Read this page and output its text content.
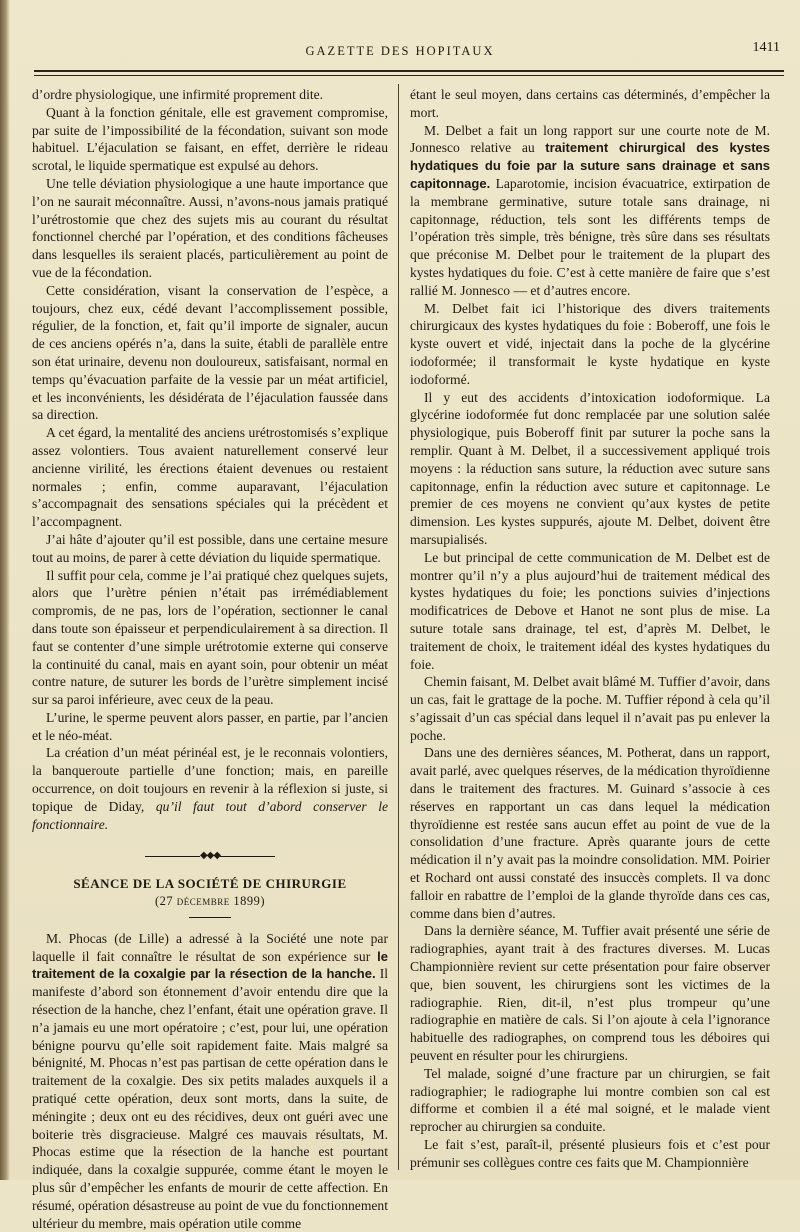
GAZETTE DES HOPITAUX	1411

d’ordre physiologique, une infirmité proprement dite.

Quant à la fonction génitale, elle est gravement compromise, par suite de l’impossibilité de la fécondation, suivant son mode habituel. L’éjaculation se faisant, en effet, derrière le rideau scrotal, le liquide spermatique est expulsé au dehors.

Une telle déviation physiologique a une haute importance que l’on ne saurait méconnaître. Aussi, n’avons-nous jamais pratiqué l’urétrostomie que chez des sujets mis au courant du résultat fonctionnel cherché par l’opération, et des conditions fâcheuses dans lesquelles ils seraient placés, particulièrement au point de vue de la fécondation.

Cette considération, visant la conservation de l’espèce, a toujours, chez eux, cédé devant l’accomplissement possible, régulier, de la fonction, et, fait qu’il importe de signaler, aucun de ces anciens opérés n’a, dans la suite, établi de parallèle entre son état urinaire, devenu non douloureux, satisfaisant, normal en temps qu’évacuation parfaite de la vessie par un méat artificiel, et les inconvénients, les désidérata de l’éjaculation faussée dans sa direction.

A cet égard, la mentalité des anciens urétrostomisés s’explique assez volontiers. Tous avaient naturellement conservé leur ancienne virilité, les érections étaient devenues ou restaient normales ; enfin, comme auparavant, l’éjaculation s’accompagnait des sensations spéciales qui la précèdent et l’accompagnent.

J’ai hâte d’ajouter qu’il est possible, dans une certaine mesure tout au moins, de parer à cette déviation du liquide spermatique.

Il suffit pour cela, comme je l’ai pratiqué chez quelques sujets, alors que l’urètre pénien n’était pas irrémédiablement compromis, de ne pas, lors de l’opération, sectionner le canal dans toute son épaisseur et perpendiculairement à sa direction. Il faut se contenter d’une simple urétrotomie externe qui conserve la continuité du canal, mais en ayant soin, pour obtenir un méat contre nature, de suturer les bords de l’urètre simplement incisé sur sa paroi inférieure, avec ceux de la peau.

L’urine, le sperme peuvent alors passer, en partie, par l’ancien et le néo-méat.

La création d’un méat périnéal est, je le reconnais volontiers, la banqueroute partielle d’une fonction; mais, en pareille occurrence, on doit toujours en revenir à la réflexion si juste, si topique de Diday, qu’il faut tout d’abord conserver le fonctionnaire.

◆◆◆
SÉANCE DE LA SOCIÉTÉ DE CHIRURGIE
(27 décembre 1899)

M. Phocas (de Lille) a adressé à la Société une note par laquelle il fait connaître le résultat de son expérience sur le traitement de la coxalgie par la résection de la hanche. Il manifeste d’abord son étonnement d’avoir entendu dire que la résection de la hanche, chez l’enfant, était une opération grave. Il n’a jamais eu une mort opératoire ; c’est, pour lui, une opération bénigne pourvu qu’elle soit rapidement faite. Mais malgré sa bénignité, M. Phocas n’est pas partisan de cette opération dans le traitement de la coxalgie. Des six petits malades auxquels il a pratiqué cette opération, deux sont morts, dans la suite, de méningite ; deux ont eu des récidives, deux ont guéri avec une boiterie très disgracieuse. Malgré ces mauvais résultats, M. Phocas estime que la résection de la hanche est pourtant indiquée, dans la coxalgie suppurée, comme étant le moyen le plus sûr d’empêcher les enfants de mourir de cette affection. En résumé, opération désastreuse au point de vue du fonctionnement ultérieur du membre, mais opération utile comme

étant le seul moyen, dans certains cas déterminés, d’empêcher la mort.

M. Delbet a fait un long rapport sur une courte note de M. Jonnesco relative au traitement chirurgical des kystes hydatiques du foie par la suture sans drainage et sans capitonnage. Laparotomie, incision évacuatrice, extirpation de la membrane germinative, suture totale sans drainage, ni capitonnage, réduction, tels sont les différents temps de l’opération très simple, très bénigne, très sûre dans ses résultats que préconise M. Delbet pour le traitement de la plupart des kystes hydatiques du foie. C’est à cette manière de faire que s’est rallié M. Jonnesco — et d’autres encore.

M. Delbet fait ici l’historique des divers traitements chirurgicaux des kystes hydatiques du foie : Boberoff, une fois le kyste ouvert et vidé, injectait dans la poche de la glycérine iodoformée; il transformait le kyste hydatique en kyste iodoformé.

Il y eut des accidents d’intoxication iodoformique. La glycérine iodoformée fut donc remplacée par une solution salée physiologique, puis Boberoff finit par suturer la poche sans la remplir. Quant à M. Delbet, il a successivement appliqué trois moyens : la réduction sans suture, la réduction avec suture sans capitonnage, enfin la réduction avec suture et capitonnage. Le premier de ces moyens ne convient qu’aux kystes de petite dimension. Les kystes suppurés, ajoute M. Delbet, doivent être marsupialisés.

Le but principal de cette communication de M. Delbet est de montrer qu’il n’y a plus aujourd’hui de traitement médical des kystes hydatiques du foie; les ponctions suivies d’injections modificatrices de Debove et Hanot ne sont plus de mise. La suture totale sans drainage, tel est, d’après M. Delbet, le traitement de choix, le traitement idéal des kystes hydatiques du foie.

Chemin faisant, M. Delbet avait blâmé M. Tuffier d’avoir, dans un cas, fait le grattage de la poche. M. Tuffier répond à cela qu’il s’agissait d’un cas spécial dans lequel il n’avait pas pu enlever la poche.

Dans une des dernières séances, M. Potherat, dans un rapport, avait parlé, avec quelques réserves, de la médication thyroïdienne dans le traitement des fractures. M. Guinard s’associe à ces réserves en rapportant un cas dans lequel la médication thyroïdienne est restée sans aucun effet au point de vue de la consolidation d’une fracture. Après quarante jours de cette médication il n’y avait pas la moindre consolidation. MM. Poirier et Rochard ont aussi constaté des insuccès complets. Il va donc falloir en rabattre de l’emploi de la glande thyroïde dans ces cas, comme dans bien d’autres.

Dans la dernière séance, M. Tuffier avait présenté une série de radiographies, ayant trait à des fractures diverses. M. Lucas Championnière revient sur cette présentation pour faire observer que, bien souvent, les chirurgiens sont les victimes de la radiographie. Rien, dit-il, n’est plus trompeur qu’une radiographie en matière de cals. Si l’on ajoute à cela l’ignorance habituelle des radiographes, on comprend tous les déboires qui peuvent en résulter pour les chirurgiens.

Tel malade, soigné d’une fracture par un chirurgien, se fait radiographier; le radiographe lui montre combien son cal est difforme et combien il a été mal soigné, et le malade vient reprocher au chirurgien sa conduite.

Le fait s’est, paraît-il, présenté plusieurs fois et c’est pour prémunir ses collègues contre ces faits que M. Championnière
